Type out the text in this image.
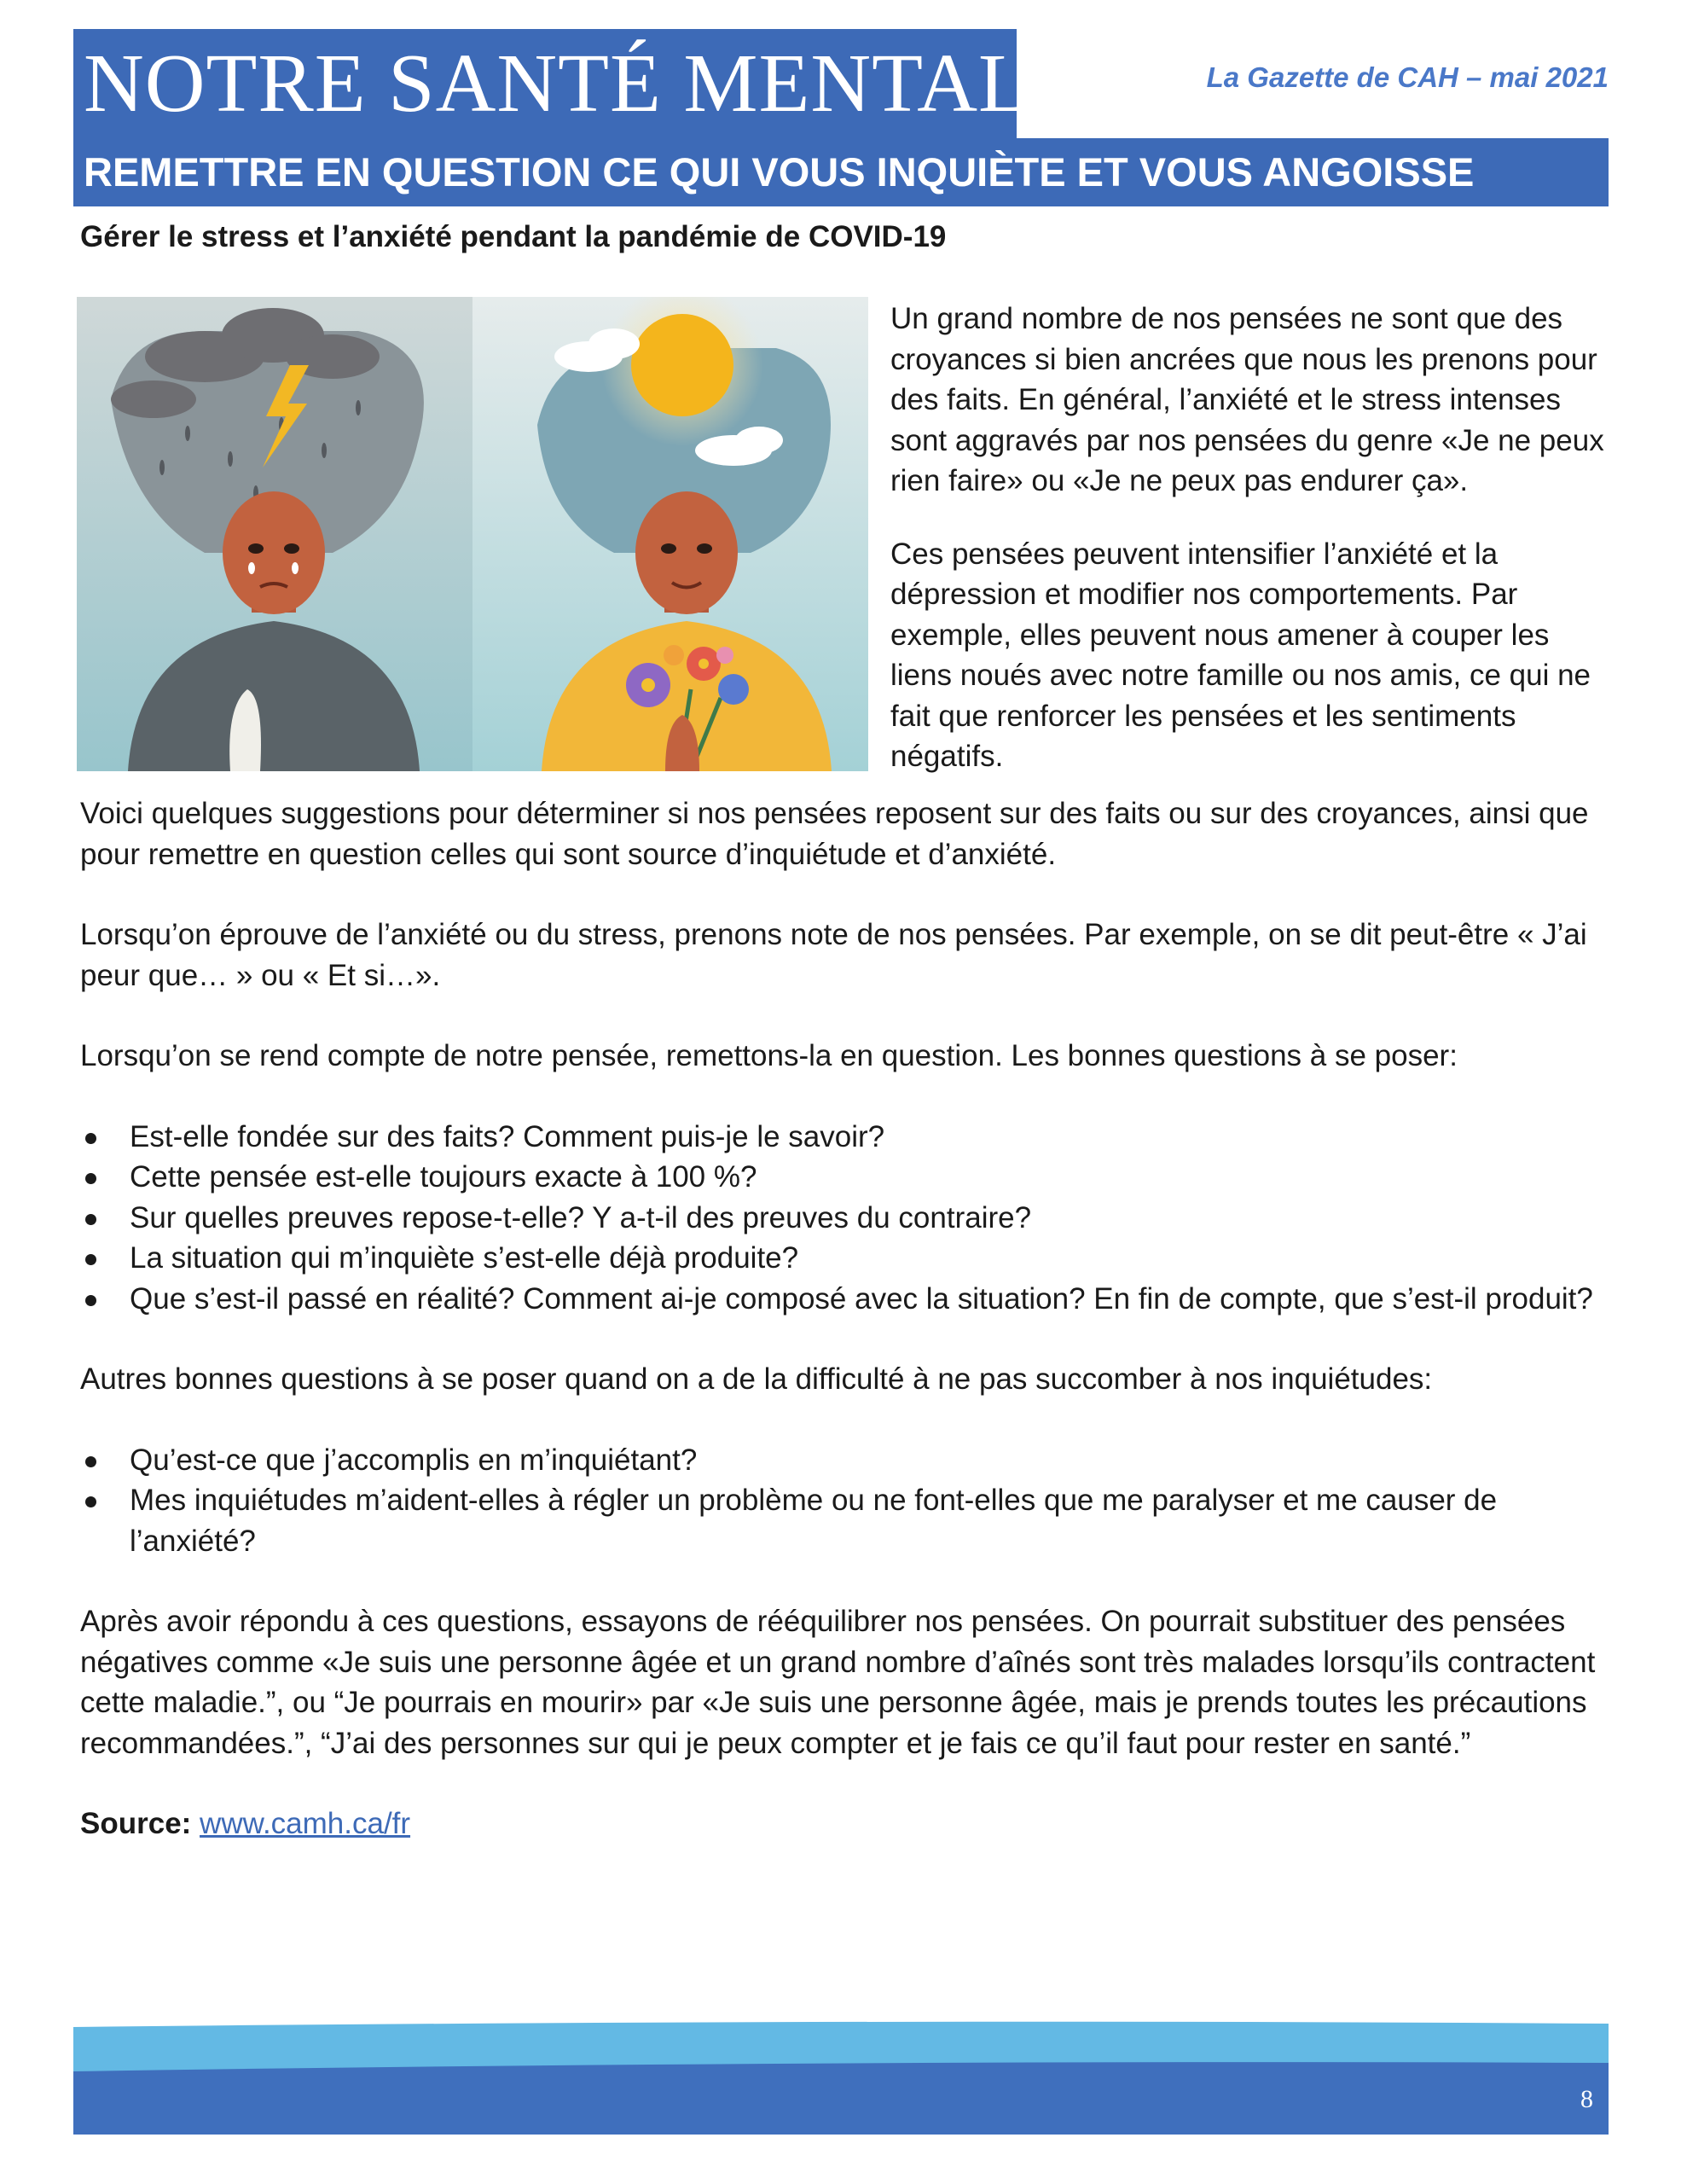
NOTRE SANTÉ MENTALE	La Gazette de CAH – mai 2021
REMETTRE EN QUESTION CE QUI VOUS INQUIÈTE ET VOUS ANGOISSE
Gérer le stress et l’anxiété pendant la pandémie de COVID-19

Un grand nombre de nos pensées ne sont que des croyances si bien ancrées que nous les prenons pour des faits. En général, l’anxiété et le stress intenses sont aggravés par nos pensées du genre «Je ne peux rien faire» ou «Je ne peux pas endurer ça».

Ces pensées peuvent intensifier l’anxiété et la dépression et modifier nos comportements. Par exemple, elles peuvent nous amener à couper les liens noués avec notre famille ou nos amis, ce qui ne fait que renforcer les pensées et les sentiments négatifs.

Voici quelques suggestions pour déterminer si nos pensées reposent sur des faits ou sur des croyances, ainsi que pour remettre en question celles qui sont source d’inquiétude et d’anxiété.

Lorsqu’on éprouve de l’anxiété ou du stress, prenons note de nos pensées. Par exemple, on se dit peut-être « J’ai peur que… » ou « Et si…».

Lorsqu’on se rend compte de notre pensée, remettons-la en question. Les bonnes questions à se poser:

Est-elle fondée sur des faits? Comment puis-je le savoir?
Cette pensée est-elle toujours exacte à 100 %?
Sur quelles preuves repose-t-elle? Y a-t-il des preuves du contraire?
La situation qui m’inquiète s’est-elle déjà produite?
Que s’est-il passé en réalité? Comment ai-je composé avec la situation? En fin de compte, que s’est-il produit?

Autres bonnes questions à se poser quand on a de la difficulté à ne pas succomber à nos inquiétudes:

Qu’est-ce que j’accomplis en m’inquiétant?
Mes inquiétudes m’aident-elles à régler un problème ou ne font-elles que me paralyser et me causer de l’anxiété?

Après avoir répondu à ces questions, essayons de rééquilibrer nos pensées. On pourrait substituer des pensées négatives comme «Je suis une personne âgée et un grand nombre d’aînés sont très malades lorsqu’ils contractent cette maladie.”, ou “Je pourrais en mourir» par «Je suis une personne âgée, mais je prends toutes les précautions recommandées.”, “J’ai des personnes sur qui je peux compter et je fais ce qu’il faut pour rester en santé.”

Source: www.camh.ca/fr

8
